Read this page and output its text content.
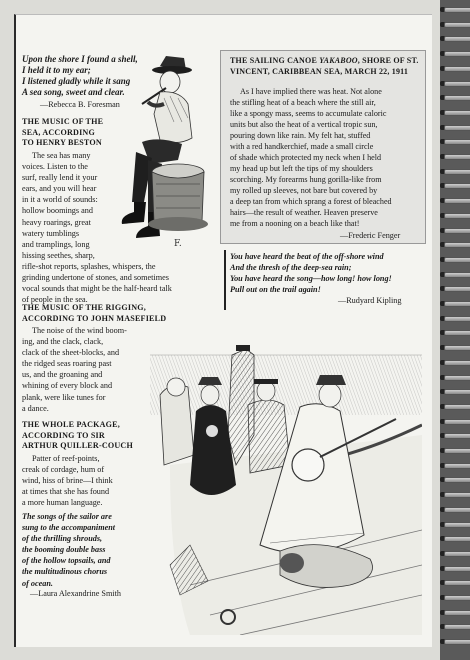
Upon the shore I found a shell,
I held it to my ear;
I listened gladly while it sang
A sea song, sweet and clear.
—Rebecca B. Foresman
THE MUSIC OF THE
SEA, ACCORDING
TO HENRY BESTON
The sea has many
voices. Listen to the
surf, really lend it your
ears, and you will hear
in it a world of sounds:
hollow boomings and
heavy roarings, great
watery tumblings
and tramplings, long
hissing seethes, sharp,
rifle-shot reports, splashes, whispers, the
grinding undertone of stones, and sometimes
vocal sounds that might be the half-heard talk
of people in the sea.
F.
THE SAILING CANOE YAKABOO, SHORE OF ST. VINCENT, CARIBBEAN SEA, MARCH 22, 1911
As I have implied there was heat. Not alone
the stifling heat of a beach where the still air,
like a spongy mass, seems to accumulate caloric
units but also the heat of a vertical tropic sun,
pouring down like rain. My felt hat, stuffed
with a red handkerchief, made a small circle
of shade which protected my neck when I held
my head up but left the tips of my shoulders
scorching. My forearms hung gorilla-like from
my rolled up sleeves, not bare but covered by
a deep tan from which sprang a forest of bleached
hairs—the result of weather. Heaven preserve
me from a nooning on a beach like that!
—Frederic Fenger
You have heard the beat of the off-shore wind
And the thresh of the deep-sea rain;
You have heard the song—how long! how long!
Pull out on the trail again!
—Rudyard Kipling
THE MUSIC OF THE RIGGING,
ACCORDING TO JOHN MASEFIELD
The noise of the wind boom-
ing, and the clack, clack,
clack of the sheet-blocks, and
the ridged seas roaring past
us, and the groaning and
whining of every block and
plank, were like tunes for
a dance.
THE WHOLE PACKAGE,
ACCORDING TO SIR
ARTHUR QUILLER-COUCH
Patter of reef-points,
creak of cordage, hum of
wind, hiss of brine—I think
at times that she has found
a more human language.
The songs of the sailor are
sung to the accompaniment
of the thrilling shrouds,
the booming double bass
of the hollow topsails, and
the multitudinous chorus
of ocean.
—Laura Alexandrine Smith
